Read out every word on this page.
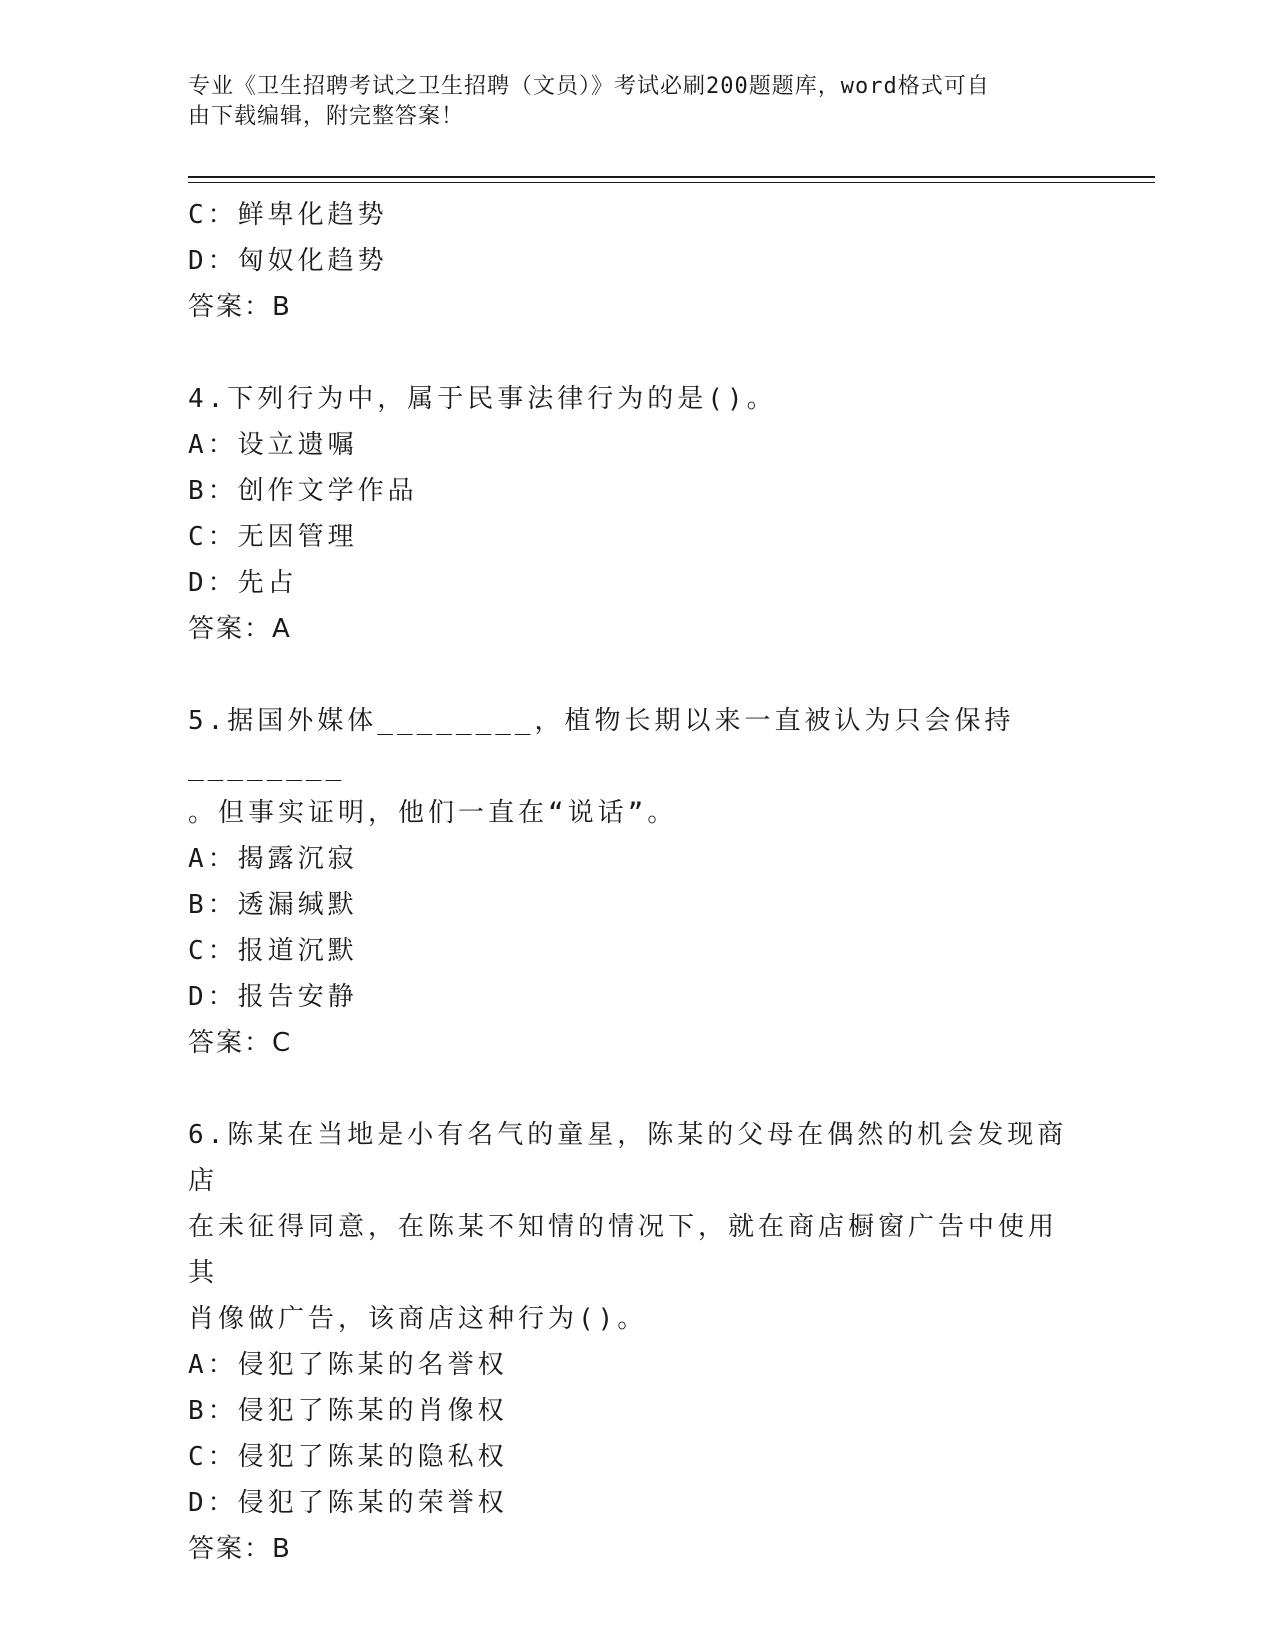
专业《卫生招聘考试之卫生招聘（文员）》考试必刷200题题库，word格式可自
由下载编辑，附完整答案！
C：鲜卑化趋势
D：匈奴化趋势
答案：B
4.下列行为中，属于民事法律行为的是()。
A：设立遗嘱
B：创作文学作品
C：无因管理
D：先占
答案：A
5.据国外媒体________，植物长期以来一直被认为只会保持________
。但事实证明，他们一直在“说话”。
A：揭露沉寂
B：透漏缄默
C：报道沉默
D：报告安静
答案：C
6.陈某在当地是小有名气的童星，陈某的父母在偶然的机会发现商店
在未征得同意，在陈某不知情的情况下，就在商店橱窗广告中使用其
肖像做广告，该商店这种行为()。
A：侵犯了陈某的名誉权
B：侵犯了陈某的肖像权
C：侵犯了陈某的隐私权
D：侵犯了陈某的荣誉权
答案：B
